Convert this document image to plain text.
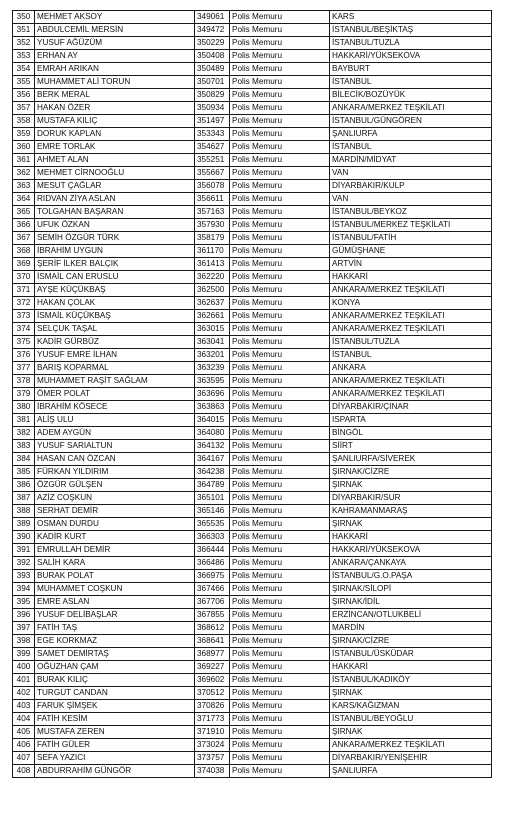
350	MEHMET AKSOY	349061	Polis Memuru	KARS
351	ABDULCEMİL MERSİN	349472	Polis Memuru	İSTANBUL/BEŞİKTAŞ
352	YUSUF AĞÜZÜM	350229	Polis Memuru	İSTANBUL/TUZLA
353	ERHAN AY	350408	Polis Memuru	HAKKARİ/YÜKSEKOVA
354	EMRAH ARIKAN	350489	Polis Memuru	BAYBURT
355	MUHAMMET ALİ TORUN	350701	Polis Memuru	İSTANBUL
356	BERK MERAL	350829	Polis Memuru	BİLECİK/BOZÜYÜK
357	HAKAN ÖZER	350934	Polis Memuru	ANKARA/MERKEZ TEŞKİLATI
358	MUSTAFA KILIÇ	351497	Polis Memuru	İSTANBUL/GÜNGÖREN
359	DORUK KAPLAN	353343	Polis Memuru	ŞANLIURFA
360	EMRE TORLAK	354627	Polis Memuru	İSTANBUL
361	AHMET ALAN	355251	Polis Memuru	MARDİN/MİDYAT
362	MEHMET CİRNOOĞLU	355667	Polis Memuru	VAN
363	MESUT ÇAĞLAR	356078	Polis Memuru	DİYARBAKIR/KULP
364	RIDVAN ZİYA ASLAN	356611	Polis Memuru	VAN
365	TOLGAHAN BAŞARAN	357163	Polis Memuru	İSTANBUL/BEYKOZ
366	UFUK ÖZKAN	357930	Polis Memuru	İSTANBUL/MERKEZ TEŞKİLATI
367	SEMİH ÖZGÜR TÜRK	358179	Polis Memuru	İSTANBUL/FATİH
368	İBRAHİM UYGUN	361170	Polis Memuru	GÜMÜŞHANE
369	ŞERİF İLKER BALÇIK	361413	Polis Memuru	ARTVİN
370	İSMAİL CAN ERUSLU	362220	Polis Memuru	HAKKARİ
371	AYŞE KÜÇÜKBAŞ	362500	Polis Memuru	ANKARA/MERKEZ TEŞKİLATI
372	HAKAN ÇOLAK	362637	Polis Memuru	KONYA
373	İSMAİL KÜÇÜKBAŞ	362661	Polis Memuru	ANKARA/MERKEZ TEŞKİLATI
374	SELÇUK TAŞAL	363015	Polis Memuru	ANKARA/MERKEZ TEŞKİLATI
375	KADİR GÜRBÜZ	363041	Polis Memuru	İSTANBUL/TUZLA
376	YUSUF EMRE İLHAN	363201	Polis Memuru	İSTANBUL
377	BARIŞ KOPARMAL	363239	Polis Memuru	ANKARA
378	MUHAMMET RAŞİT SAĞLAM	363595	Polis Memuru	ANKARA/MERKEZ TEŞKİLATI
379	ÖMER POLAT	363696	Polis Memuru	ANKARA/MERKEZ TEŞKİLATI
380	İBRAHİM KÖSECE	363863	Polis Memuru	DİYARBAKIR/ÇINAR
381	ALİŞ ULU	364015	Polis Memuru	ISPARTA
382	ADEM AYGÜN	364080	Polis Memuru	BİNGÖL
383	YUSUF SARIALTUN	364132	Polis Memuru	SİİRT
384	HASAN CAN ÖZCAN	364167	Polis Memuru	ŞANLIURFA/SİVEREK
385	FÜRKAN YILDIRIM	364238	Polis Memuru	ŞIRNAK/CİZRE
386	ÖZGÜR GÜLŞEN	364789	Polis Memuru	ŞIRNAK
387	AZİZ COŞKUN	365101	Polis Memuru	DİYARBAKIR/SUR
388	SERHAT DEMİR	365146	Polis Memuru	KAHRAMANMARAŞ
389	OSMAN DURDU	365535	Polis Memuru	ŞIRNAK
390	KADİR KURT	366303	Polis Memuru	HAKKARİ
391	EMRULLAH DEMİR	366444	Polis Memuru	HAKKARİ/YÜKSEKOVA
392	SALİH KARA	366486	Polis Memuru	ANKARA/ÇANKAYA
393	BURAK POLAT	366975	Polis Memuru	İSTANBUL/G.O.PAŞA
394	MUHAMMET COŞKUN	367466	Polis Memuru	ŞIRNAK/SİLOPİ
395	EMRE ASLAN	367706	Polis Memuru	ŞIRNAK/İDİL
396	YUSUF DELİBAŞLAR	367855	Polis Memuru	ERZİNCAN/OTLUKBELİ
397	FATİH TAŞ	368612	Polis Memuru	MARDİN
398	EGE KORKMAZ	368641	Polis Memuru	ŞIRNAK/CİZRE
399	SAMET DEMİRTAŞ	368977	Polis Memuru	İSTANBUL/ÜSKÜDAR
400	OĞUZHAN ÇAM	369227	Polis Memuru	HAKKARİ
401	BURAK KILIÇ	369602	Polis Memuru	İSTANBUL/KADIKÖY
402	TURGUT CANDAN	370512	Polis Memuru	ŞIRNAK
403	FARUK ŞİMŞEK	370826	Polis Memuru	KARS/KAĞIZMAN
404	FATİH KESİM	371773	Polis Memuru	İSTANBUL/BEYOĞLU
405	MUSTAFA ZEREN	371910	Polis Memuru	ŞIRNAK
406	FATİH GÜLER	373024	Polis Memuru	ANKARA/MERKEZ TEŞKİLATI
407	SEFA YAZICI	373757	Polis Memuru	DİYARBAKIR/YENİŞEHİR
408	ABDURRAHİM GÜNGÖR	374038	Polis Memuru	ŞANLIURFA
